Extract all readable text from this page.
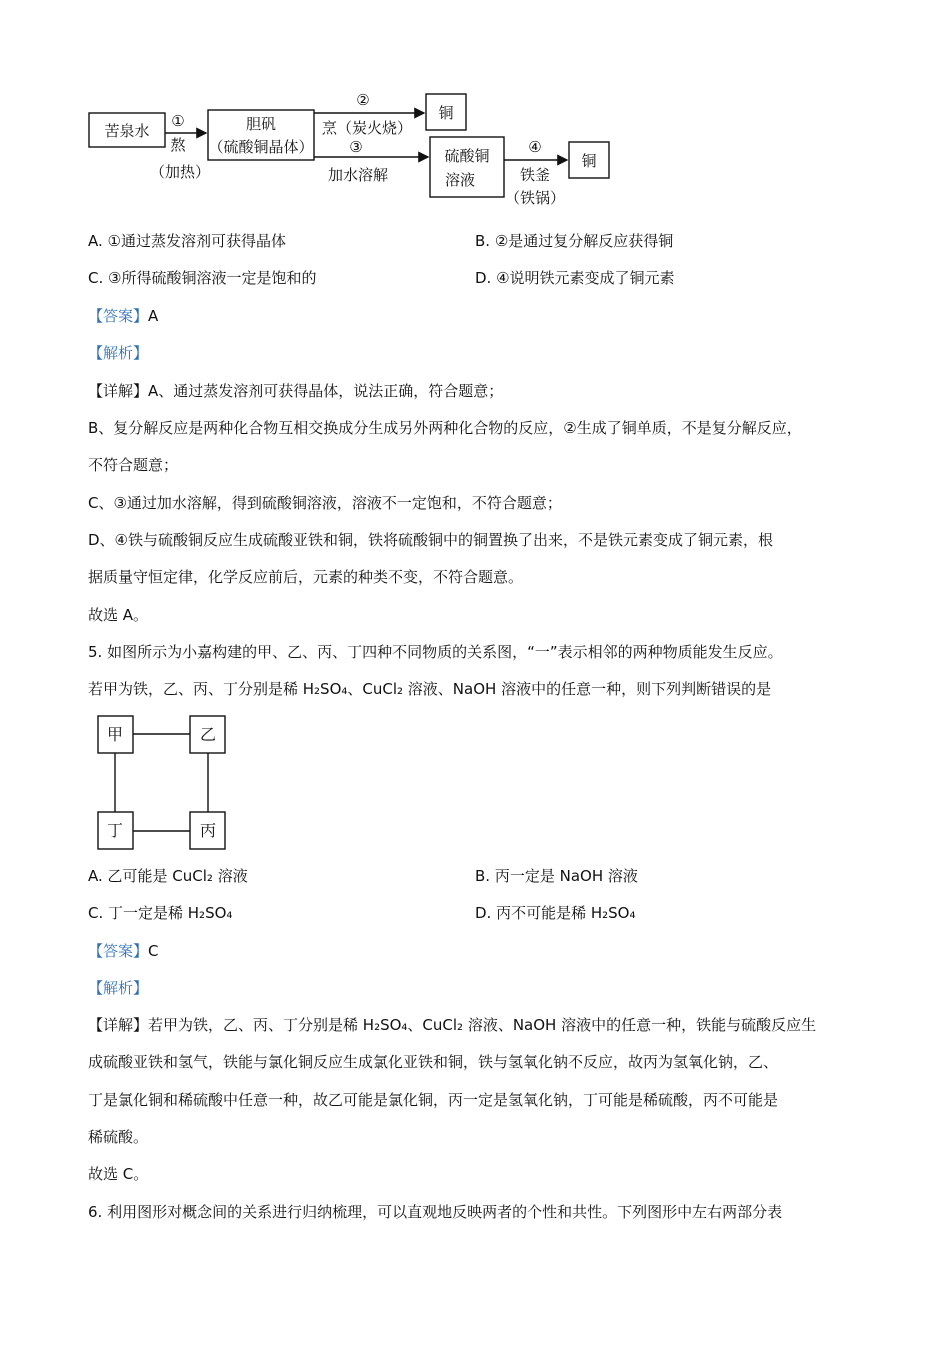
苦泉水
①
熬
（加热）
胆矾
（硫酸铜晶体）
②
烹（炭火烧）
铜
③
加水溶解
硫酸铜
溶液
④
铁釜
（铁锅）
铜
A. ①通过蒸发溶剂可获得晶体	B. ②是通过复分解反应获得铜
C. ③所得硫酸铜溶液一定是饱和的	D. ④说明铁元素变成了铜元素
【答案】A
【解析】
【详解】A、通过蒸发溶剂可获得晶体，说法正确，符合题意；
B、复分解反应是两种化合物互相交换成分生成另外两种化合物的反应，②生成了铜单质，不是复分解反应，
不符合题意；
C、③通过加水溶解，得到硫酸铜溶液，溶液不一定饱和，不符合题意；
D、④铁与硫酸铜反应生成硫酸亚铁和铜，铁将硫酸铜中的铜置换了出来，不是铁元素变成了铜元素，根
据质量守恒定律，化学反应前后，元素的种类不变，不符合题意。
故选 A。
5. 如图所示为小嘉构建的甲、乙、丙、丁四种不同物质的关系图，“一”表示相邻的两种物质能发生反应。
若甲为铁，乙、丙、丁分别是稀 H₂SO₄、CuCl₂ 溶液、NaOH 溶液中的任意一种，则下列判断错误的是
甲	乙
丁	丙
A. 乙可能是 CuCl₂ 溶液	B. 丙一定是 NaOH 溶液
C. 丁一定是稀 H₂SO₄	D. 丙不可能是稀 H₂SO₄
【答案】C
【解析】
【详解】若甲为铁，乙、丙、丁分别是稀 H₂SO₄、CuCl₂ 溶液、NaOH 溶液中的任意一种，铁能与硫酸反应生
成硫酸亚铁和氢气，铁能与氯化铜反应生成氯化亚铁和铜，铁与氢氧化钠不反应，故丙为氢氧化钠，乙、
丁是氯化铜和稀硫酸中任意一种，故乙可能是氯化铜，丙一定是氢氧化钠，丁可能是稀硫酸，丙不可能是
稀硫酸。
故选 C。
6. 利用图形对概念间的关系进行归纳梳理，可以直观地反映两者的个性和共性。下列图形中左右两部分表
